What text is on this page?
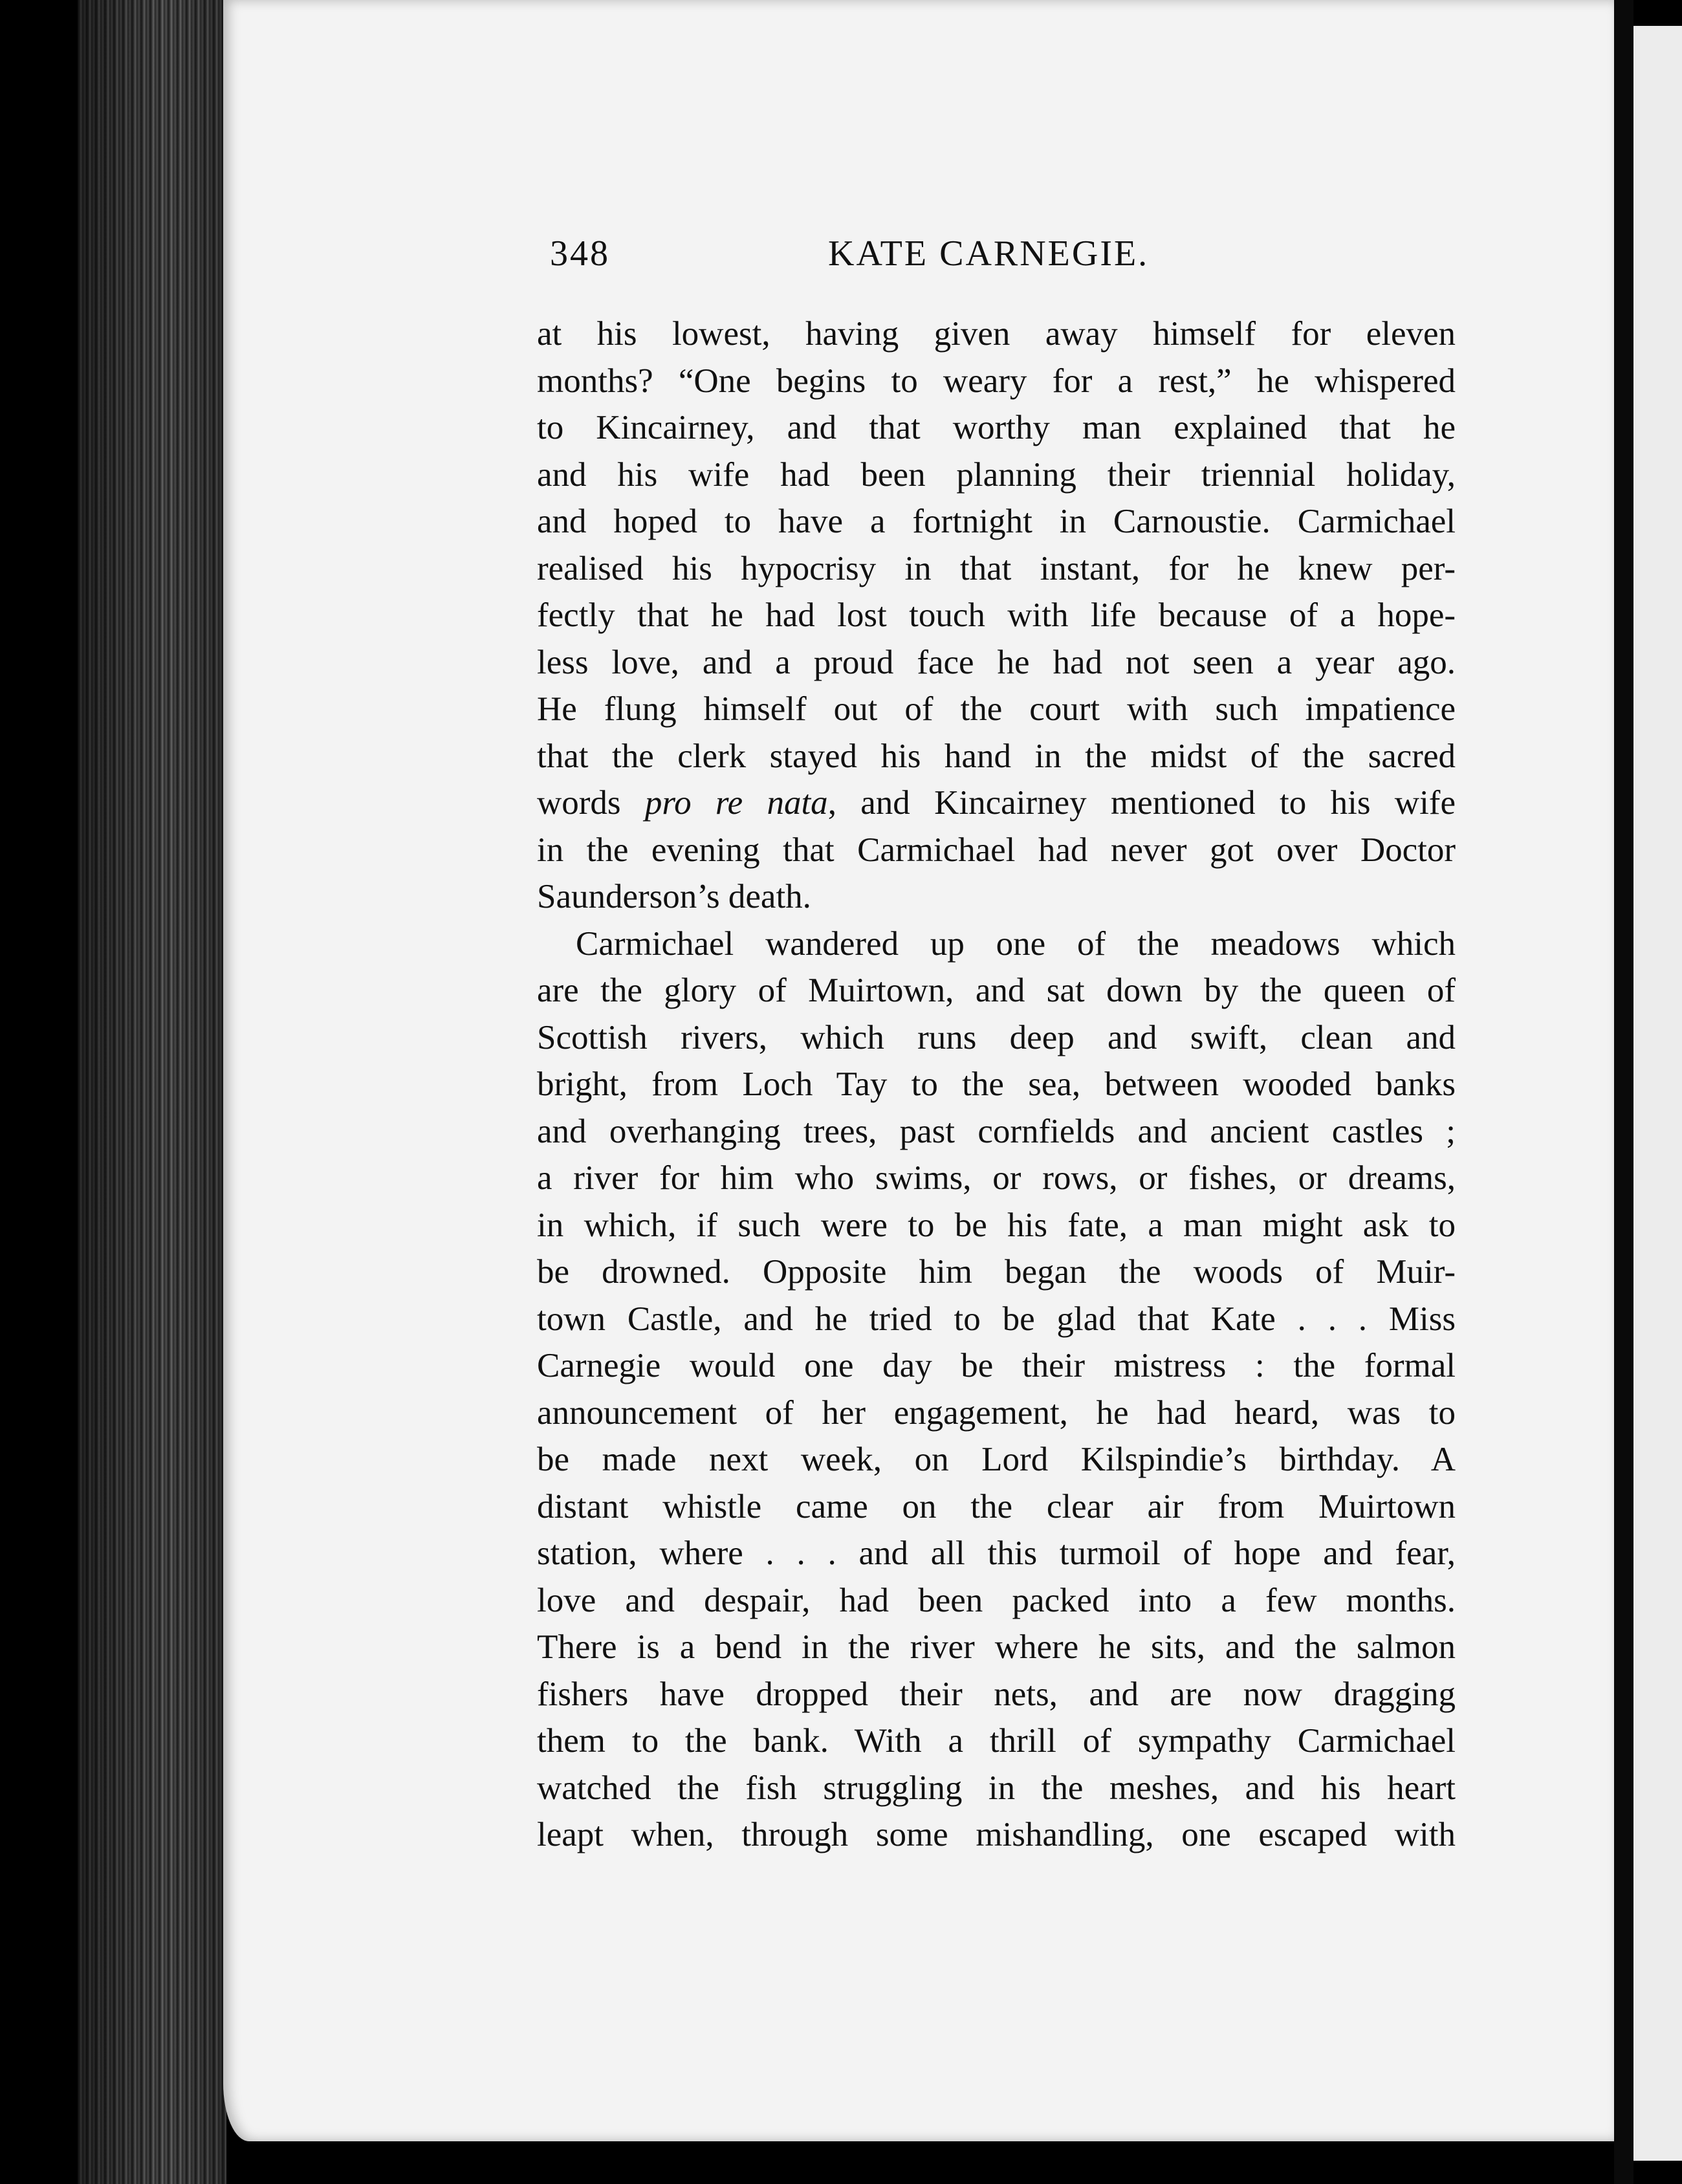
348	KATE CARNEGIE.
at his lowest, having given away himself for eleven
months? “One begins to weary for a rest,” he whispered
to Kincairney, and that worthy man explained that he
and his wife had been planning their triennial holiday,
and hoped to have a fortnight in Carnoustie. Carmichael
realised his hypocrisy in that instant, for he knew per-
fectly that he had lost touch with life because of a hope-
less love, and a proud face he had not seen a year ago.
He flung himself out of the court with such impatience
that the clerk stayed his hand in the midst of the sacred
words pro re nata, and Kincairney mentioned to his wife
in the evening that Carmichael had never got over Doctor
Saunderson’s death.
Carmichael wandered up one of the meadows which
are the glory of Muirtown, and sat down by the queen of
Scottish rivers, which runs deep and swift, clean and
bright, from Loch Tay to the sea, between wooded banks
and overhanging trees, past cornfields and ancient castles ;
a river for him who swims, or rows, or fishes, or dreams,
in which, if such were to be his fate, a man might ask to
be drowned. Opposite him began the woods of Muir-
town Castle, and he tried to be glad that Kate . . . Miss
Carnegie would one day be their mistress : the formal
announcement of her engagement, he had heard, was to
be made next week, on Lord Kilspindie’s birthday. A
distant whistle came on the clear air from Muirtown
station, where . . . and all this turmoil of hope and fear,
love and despair, had been packed into a few months.
There is a bend in the river where he sits, and the salmon
fishers have dropped their nets, and are now dragging
them to the bank. With a thrill of sympathy Carmichael
watched the fish struggling in the meshes, and his heart
leapt when, through some mishandling, one escaped with
